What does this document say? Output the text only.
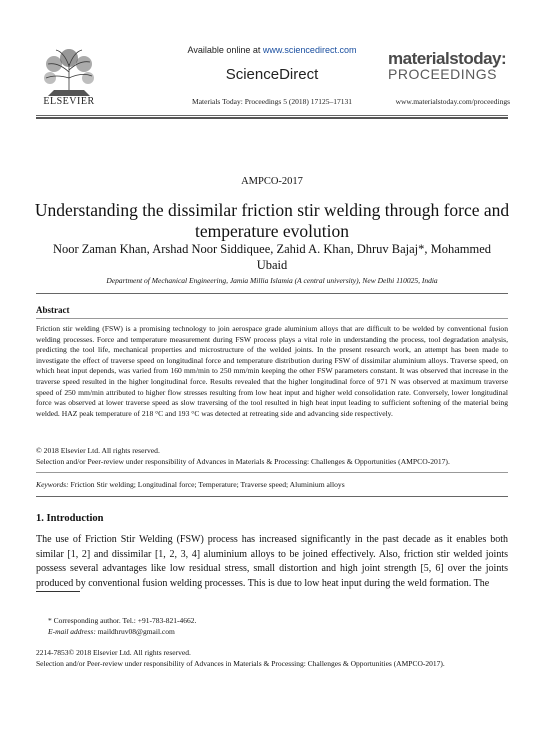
Available online at www.sciencedirect.com
ScienceDirect
Materials Today: Proceedings 5 (2018) 17125–17131	www.materialstoday.com/proceedings
ELSEVIER
materialstoday:
PROCEEDINGS
AMPCO-2017
Understanding the dissimilar friction stir welding through force and temperature evolution
Noor Zaman Khan, Arshad Noor Siddiquee, Zahid A. Khan, Dhruv Bajaj*, Mohammed Ubaid
Department of Mechanical Engineering, Jamia Millia Islamia (A central university), New Delhi 110025, India
Abstract

Friction stir welding (FSW) is a promising technology to join aerospace grade aluminium alloys that are difficult to be welded by conventional fusion welding processes. Force and temperature measurement during FSW process plays a vital role in understanding the process, tool degradation analysis, predicting the tool life, mechanical properties and microstructure of the welded joints. In the present research work, an attempt has been made to investigate the effect of traverse speed on longitudinal force and temperature distribution during FSW of dissimilar aluminium alloys. Traverse speed, on which heat input depends, was varied from 160 mm/min to 250 mm/min keeping the other FSW parameters constant. It was observed that increase in the traverse speed resulted in the higher longitudinal force. Results revealed that the higher longitudinal force of 971 N was observed at maximum traverse speed of 250 mm/min attributed to higher flow stresses resulting from low heat input and higher weld consolidation rate. Conversely, lower longitudinal force was observed at lower traverse speed as slow traversing of the tool resulted in high heat input leading to sufficient softening of the material being welded. HAZ peak temperature of 218 °C and 193 °C was detected at retreating side and advancing side respectively.

© 2018 Elsevier Ltd. All rights reserved.
Selection and/or Peer-review under responsibility of Advances in Materials & Processing: Challenges & Opportunities (AMPCO-2017).
Keywords: Friction Stir welding; Longitudinal force; Temperature; Traverse speed; Aluminium alloys
1. Introduction
The use of Friction Stir Welding (FSW) process has increased significantly in the past decade as it enables both similar [1, 2] and dissimilar [1, 2, 3, 4] aluminium alloys to be joined effectively. Also, friction stir welded joints possess several advantages like low residual stress, small distortion and high joint strength [5, 6] over the joints produced by conventional fusion welding processes. This is due to low heat input during the weld formation. The
* Corresponding author. Tel.: +91-783-821-4662.
E-mail address: maildhruv08@gmail.com
2214-7853© 2018 Elsevier Ltd. All rights reserved.
Selection and/or Peer-review under responsibility of Advances in Materials & Processing: Challenges & Opportunities (AMPCO-2017).
